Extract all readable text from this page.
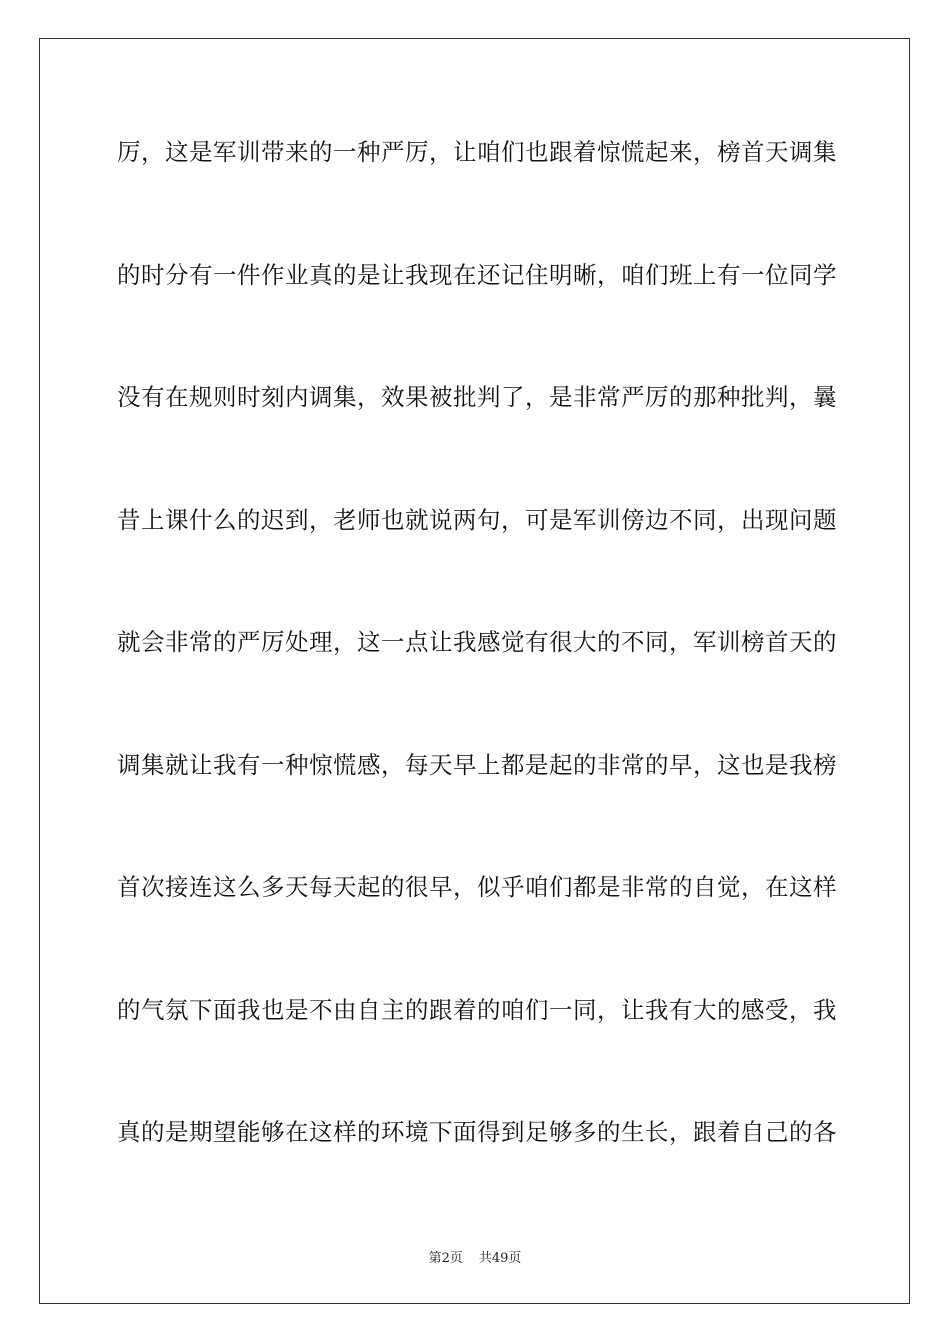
厉，这是军训带来的一种严厉，让咱们也跟着惊慌起来，榜首天调集
的时分有一件作业真的是让我现在还记住明晰，咱们班上有一位同学
没有在规则时刻内调集，效果被批判了，是非常严厉的那种批判，曩
昔上课什么的迟到，老师也就说两句，可是军训傍边不同，出现问题
就会非常的严厉处理，这一点让我感觉有很大的不同，军训榜首天的
调集就让我有一种惊慌感，每天早上都是起的非常的早，这也是我榜
首次接连这么多天每天起的很早，似乎咱们都是非常的自觉，在这样
的气氛下面我也是不由自主的跟着的咱们一同，让我有大的感受，我
真的是期望能够在这样的环境下面得到足够多的生长，跟着自己的各
第2页 共49页
